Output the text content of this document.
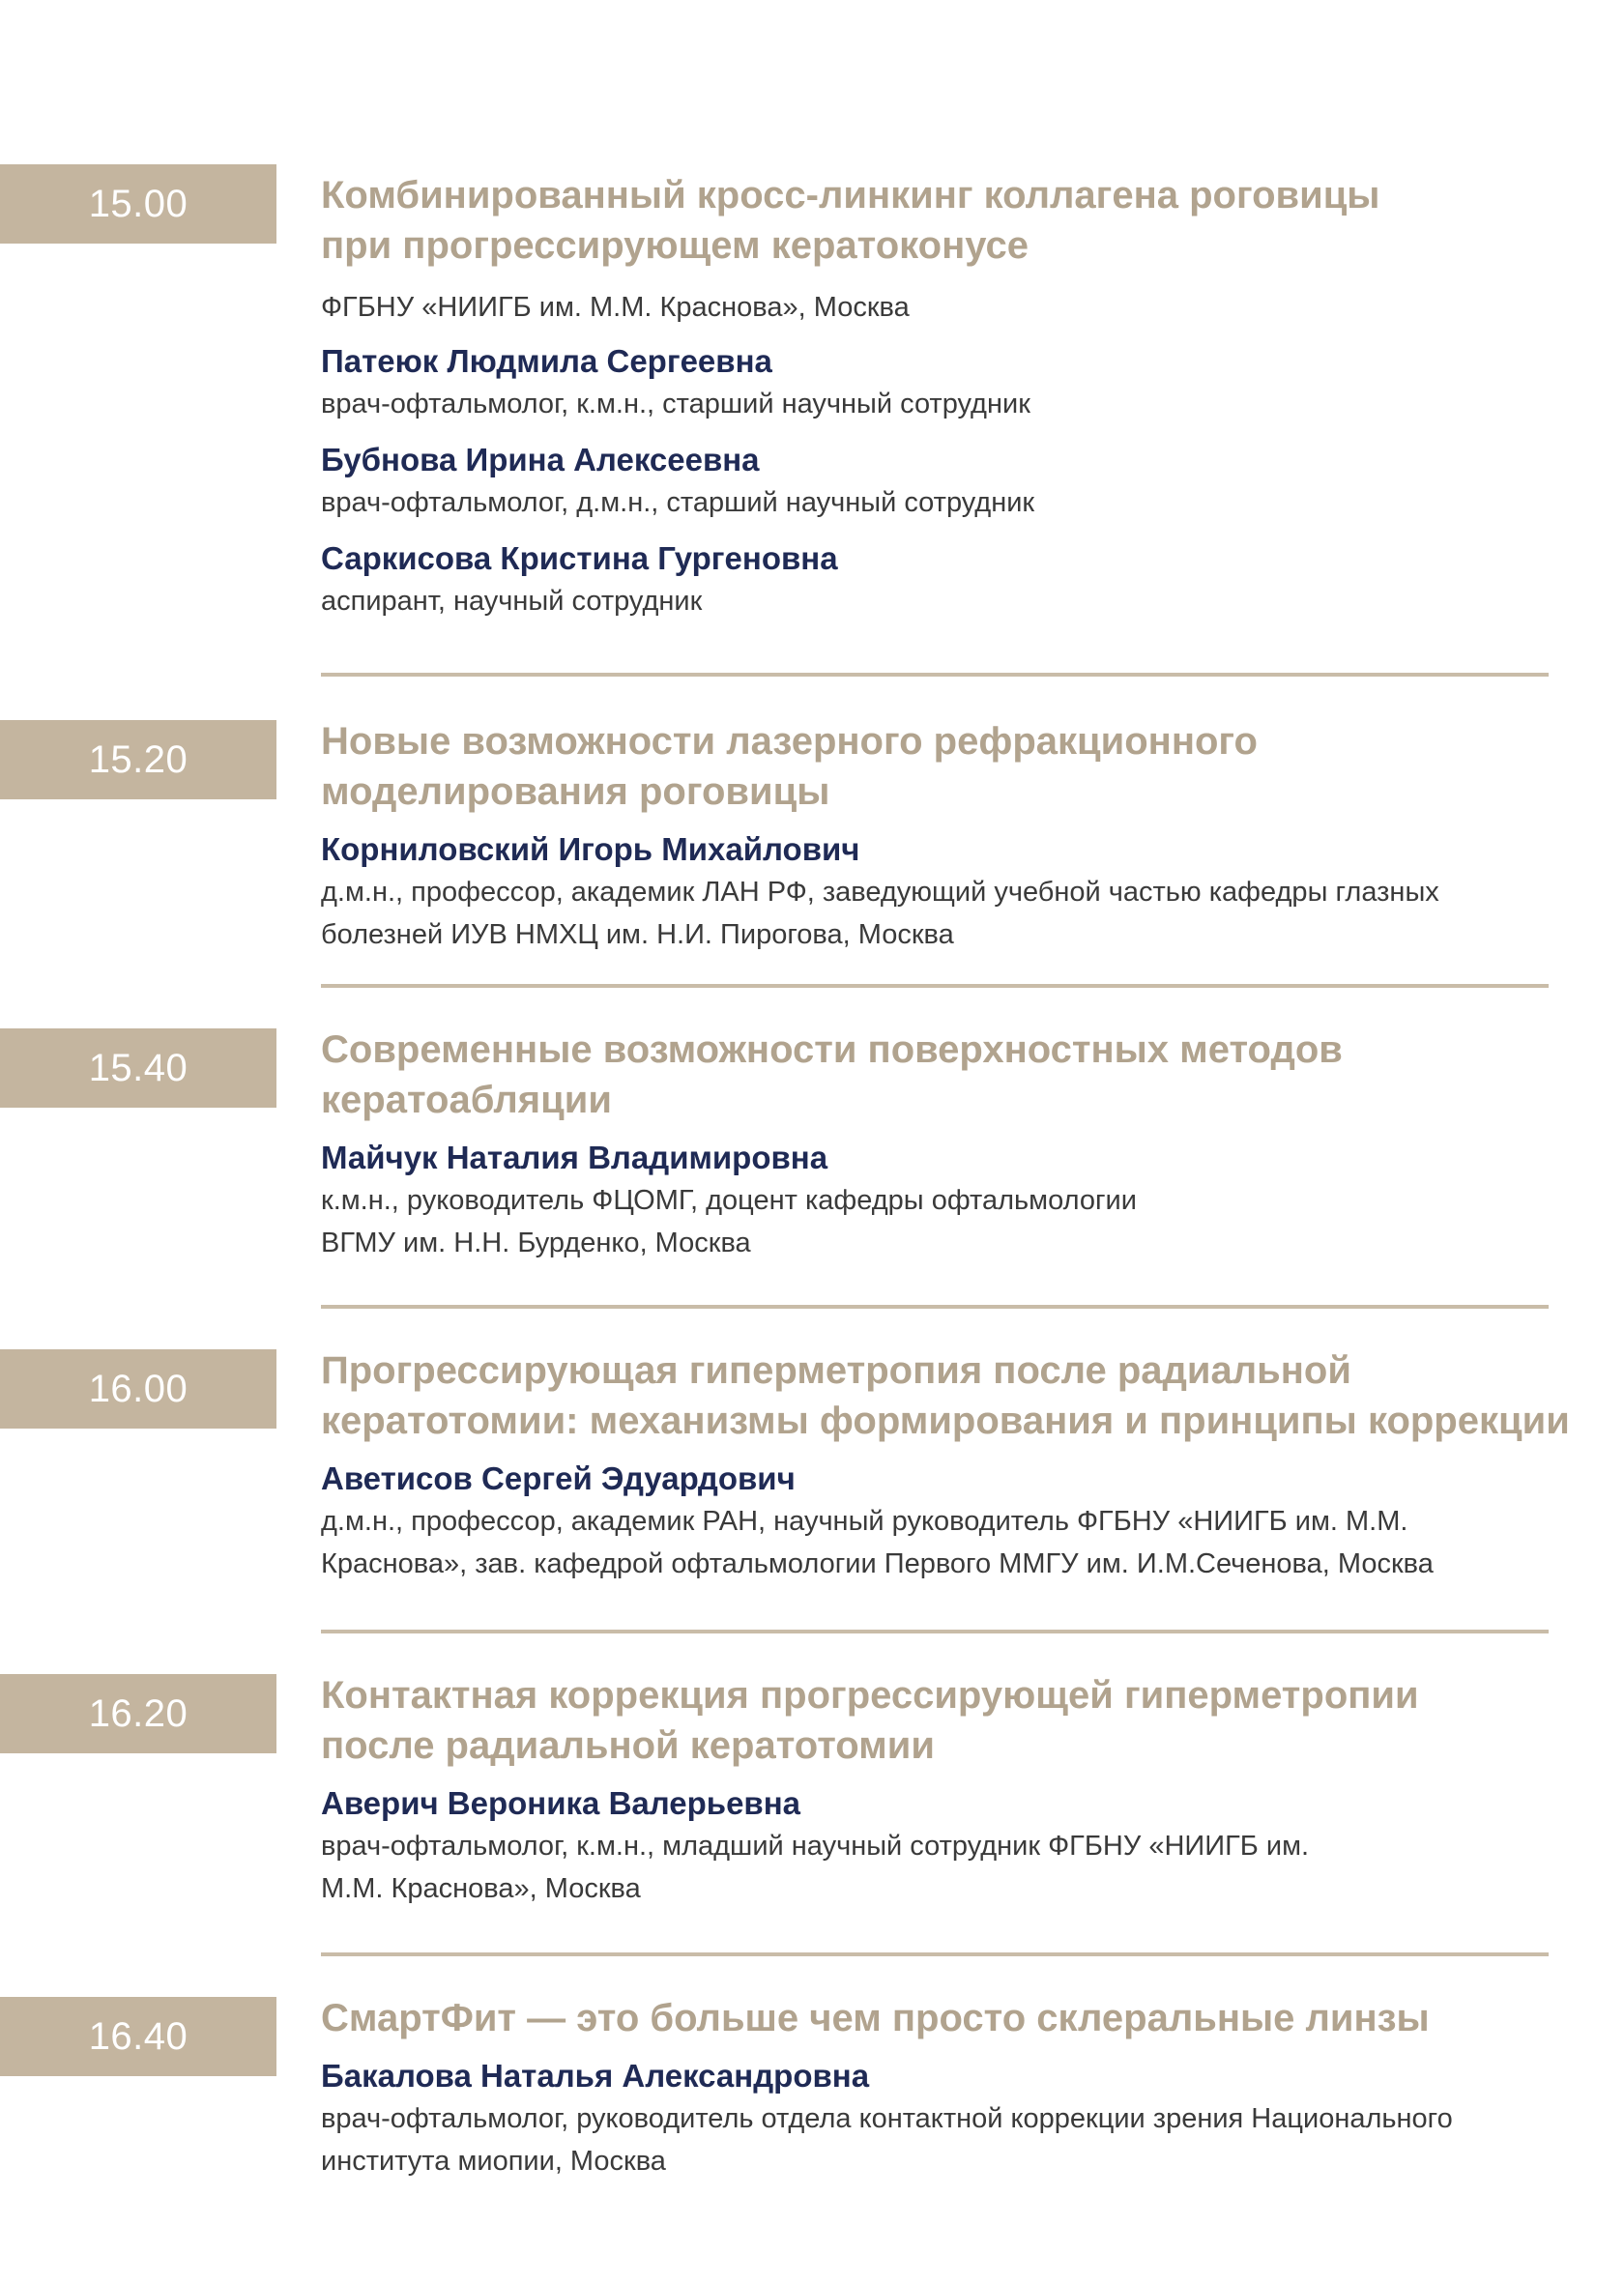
15.00	Комбинированный кросс-линкинг коллагена роговицы
при прогрессирующем кератоконусе
ФГБНУ «НИИГБ им. М.М. Краснова», Москва
Патеюк Людмила Сергеевна
врач-офтальмолог, к.м.н., старший научный сотрудник
Бубнова Ирина Алексеевна
врач-офтальмолог, д.м.н., старший научный сотрудник
Саркисова Кристина Гургеновна
аспирант, научный сотрудник
15.20	Новые возможности лазерного рефракционного
моделирования роговицы
Корниловский Игорь Михайлович
д.м.н., профессор, академик ЛАН РФ, заведующий учебной частью кафедры глазных
болезней ИУВ НМХЦ им. Н.И. Пирогова, Москва
15.40	Современные возможности поверхностных методов
кератоабляции
Майчук Наталия Владимировна
к.м.н., руководитель ФЦОМГ, доцент кафедры офтальмологии
ВГМУ им. Н.Н. Бурденко, Москва
16.00	Прогрессирующая гиперметропия после радиальной
кератотомии: механизмы формирования и принципы коррекции
Аветисов Сергей Эдуардович
д.м.н., профессор, академик РАН, научный руководитель ФГБНУ «НИИГБ им. М.М.
Краснова», зав. кафедрой офтальмологии Первого ММГУ им. И.М.Сеченова, Москва
16.20	Контактная коррекция прогрессирующей гиперметропии
после радиальной кератотомии
Аверич Вероника Валерьевна
врач-офтальмолог, к.м.н., младший научный сотрудник ФГБНУ «НИИГБ им.
М.М. Краснова», Москва
16.40	СмартФит — это больше чем просто склеральные линзы
Бакалова Наталья Александровна
врач-офтальмолог, руководитель отдела контактной коррекции зрения Национального
института миопии, Москва
